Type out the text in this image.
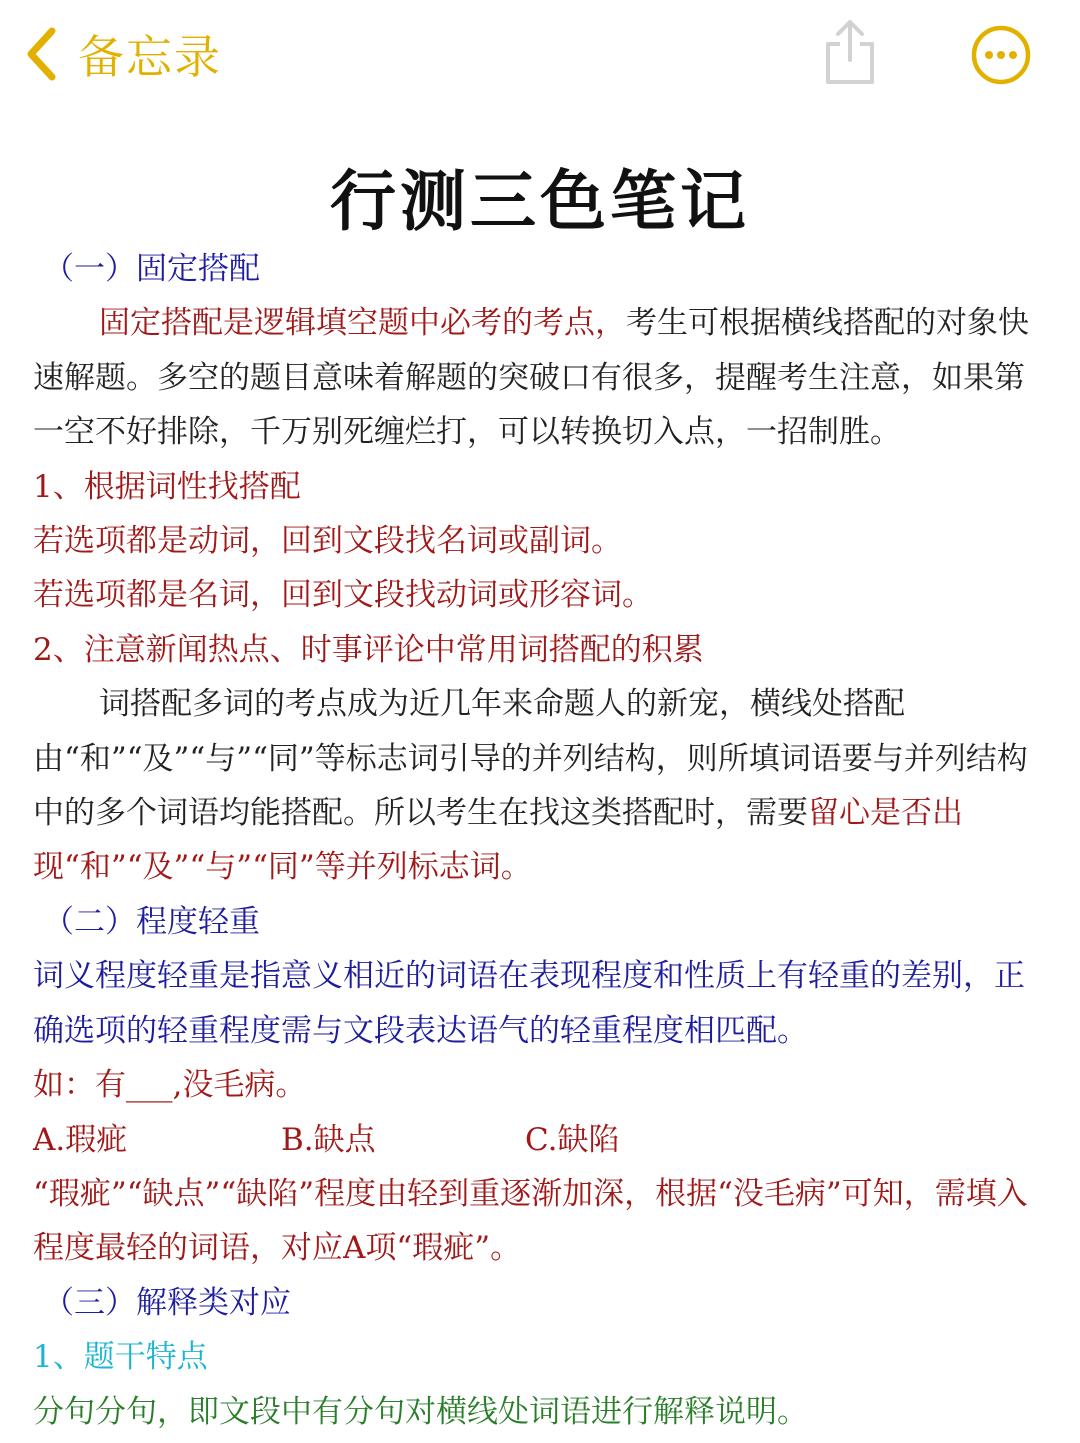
备忘录
行测三色笔记
（一）固定搭配
固定搭配是逻辑填空题中必考的考点，考生可根据横线搭配的对象快速解题。多空的题目意味着解题的突破口有很多，提醒考生注意，如果第一空不好排除，千万别死缠烂打，可以转换切入点，一招制胜。
1、根据词性找搭配
若选项都是动词，回到文段找名词或副词。
若选项都是名词，回到文段找动词或形容词。
2、注意新闻热点、时事评论中常用词搭配的积累
词搭配多词的考点成为近几年来命题人的新宠，横线处搭配由“和”“及”“与”“同”等标志词引导的并列结构，则所填词语要与并列结构中的多个词语均能搭配。所以考生在找这类搭配时，需要留心是否出现“和”“及”“与”“同”等并列标志词。
（二）程度轻重
词义程度轻重是指意义相近的词语在表现程度和性质上有轻重的差别，正确选项的轻重程度需与文段表达语气的轻重程度相匹配。
如：有___,没毛病。
A.瑕疵	B.缺点	C.缺陷
“瑕疵”“缺点”“缺陷”程度由轻到重逐渐加深，根据“没毛病”可知，需填入程度最轻的词语，对应A项“瑕疵”。
（三）解释类对应
1、题干特点
分句分句，即文段中有分句对横线处词语进行解释说明。
